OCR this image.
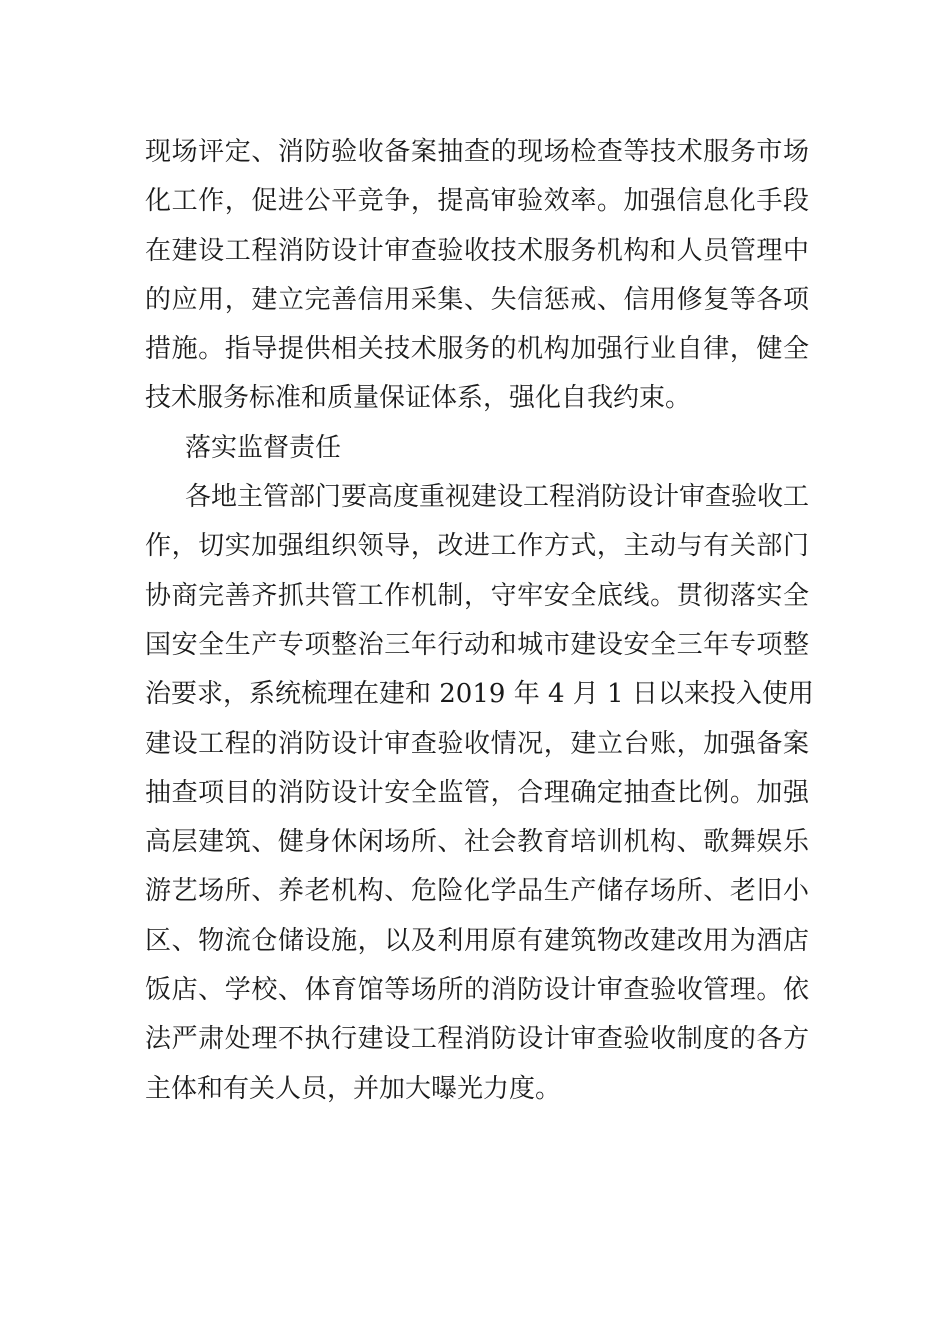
现场评定、消防验收备案抽查的现场检查等技术服务市场
化工作，促进公平竞争，提高审验效率。加强信息化手段
在建设工程消防设计审查验收技术服务机构和人员管理中
的应用，建立完善信用采集、失信惩戒、信用修复等各项
措施。指导提供相关技术服务的机构加强行业自律，健全
技术服务标准和质量保证体系，强化自我约束。
落实监督责任
各地主管部门要高度重视建设工程消防设计审查验收工
作，切实加强组织领导，改进工作方式，主动与有关部门
协商完善齐抓共管工作机制，守牢安全底线。贯彻落实全
国安全生产专项整治三年行动和城市建设安全三年专项整
治要求，系统梳理在建和 2019 年 4 月 1 日以来投入使用
建设工程的消防设计审查验收情况，建立台账，加强备案
抽查项目的消防设计安全监管，合理确定抽查比例。加强
高层建筑、健身休闲场所、社会教育培训机构、歌舞娱乐
游艺场所、养老机构、危险化学品生产储存场所、老旧小
区、物流仓储设施，以及利用原有建筑物改建改用为酒店
饭店、学校、体育馆等场所的消防设计审查验收管理。依
法严肃处理不执行建设工程消防设计审查验收制度的各方
主体和有关人员，并加大曝光力度。
